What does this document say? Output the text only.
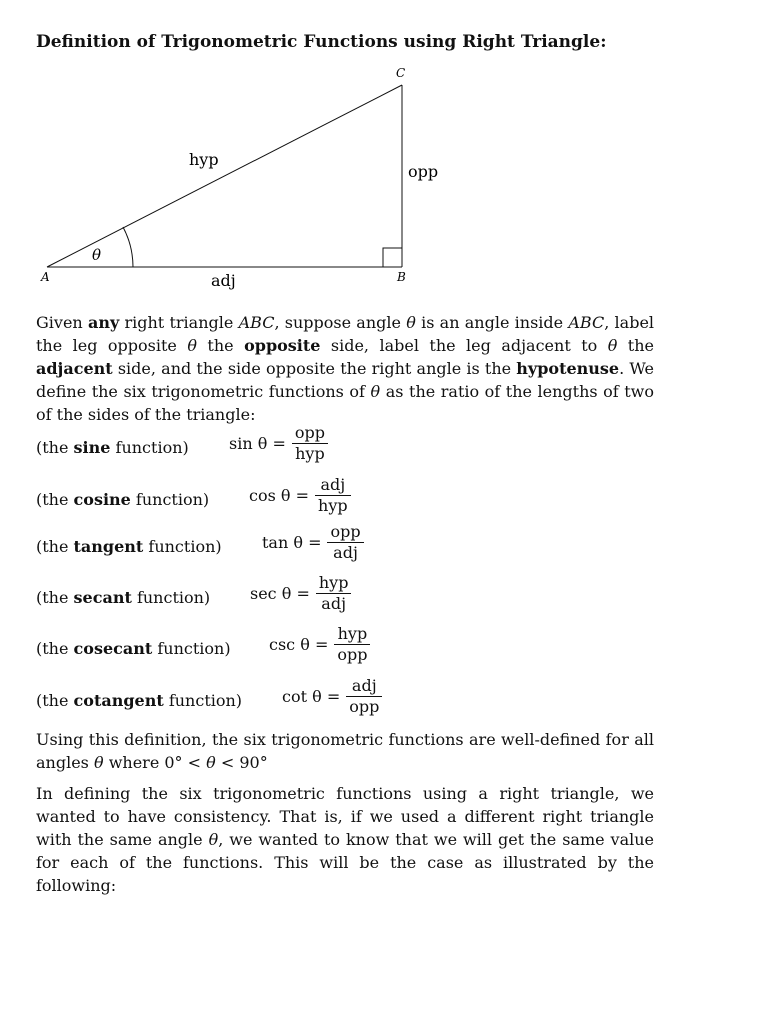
Definition of Trigonometric Functions using Right Triangle:
A	B
C
θ
hyp
opp
adj
Given any right triangle ABC, suppose angle θ is an angle inside ABC, label the leg opposite θ the opposite side, label the leg adjacent to θ the adjacent side, and the side opposite the right angle is the hypotenuse. We define the six trigonometric functions of θ as the ratio of the lengths of two of the sides of the triangle:
(the sine function)	$\sin \theta = \frac{\text{opp}}{\text{hyp}}$
(the cosine function) $\cos \theta = \frac{\text{adj}}{\text{hyp}}$
(the tangent function)	$\tan \theta = \frac{\text{opp}}{\text{adj}}$
(the secant function) $\sec \theta = \frac{\text{hyp}}{\text{adj}}$
(the cosecant function) $\csc \theta = \frac{\text{hyp}}{\text{opp}}$
(the cotangent function) $\cot \theta = \frac{\text{adj}}{\text{opp}}$
Using this definition, the six trigonometric functions are well-defined for all angles θ where 0° < θ < 90°
In defining the six trigonometric functions using a right triangle, we wanted to have consistency. That is, if we used a different right triangle with the same angle θ, we wanted to know that we will get the same value for each of the functions. This will be the case as illustrated by the following:
